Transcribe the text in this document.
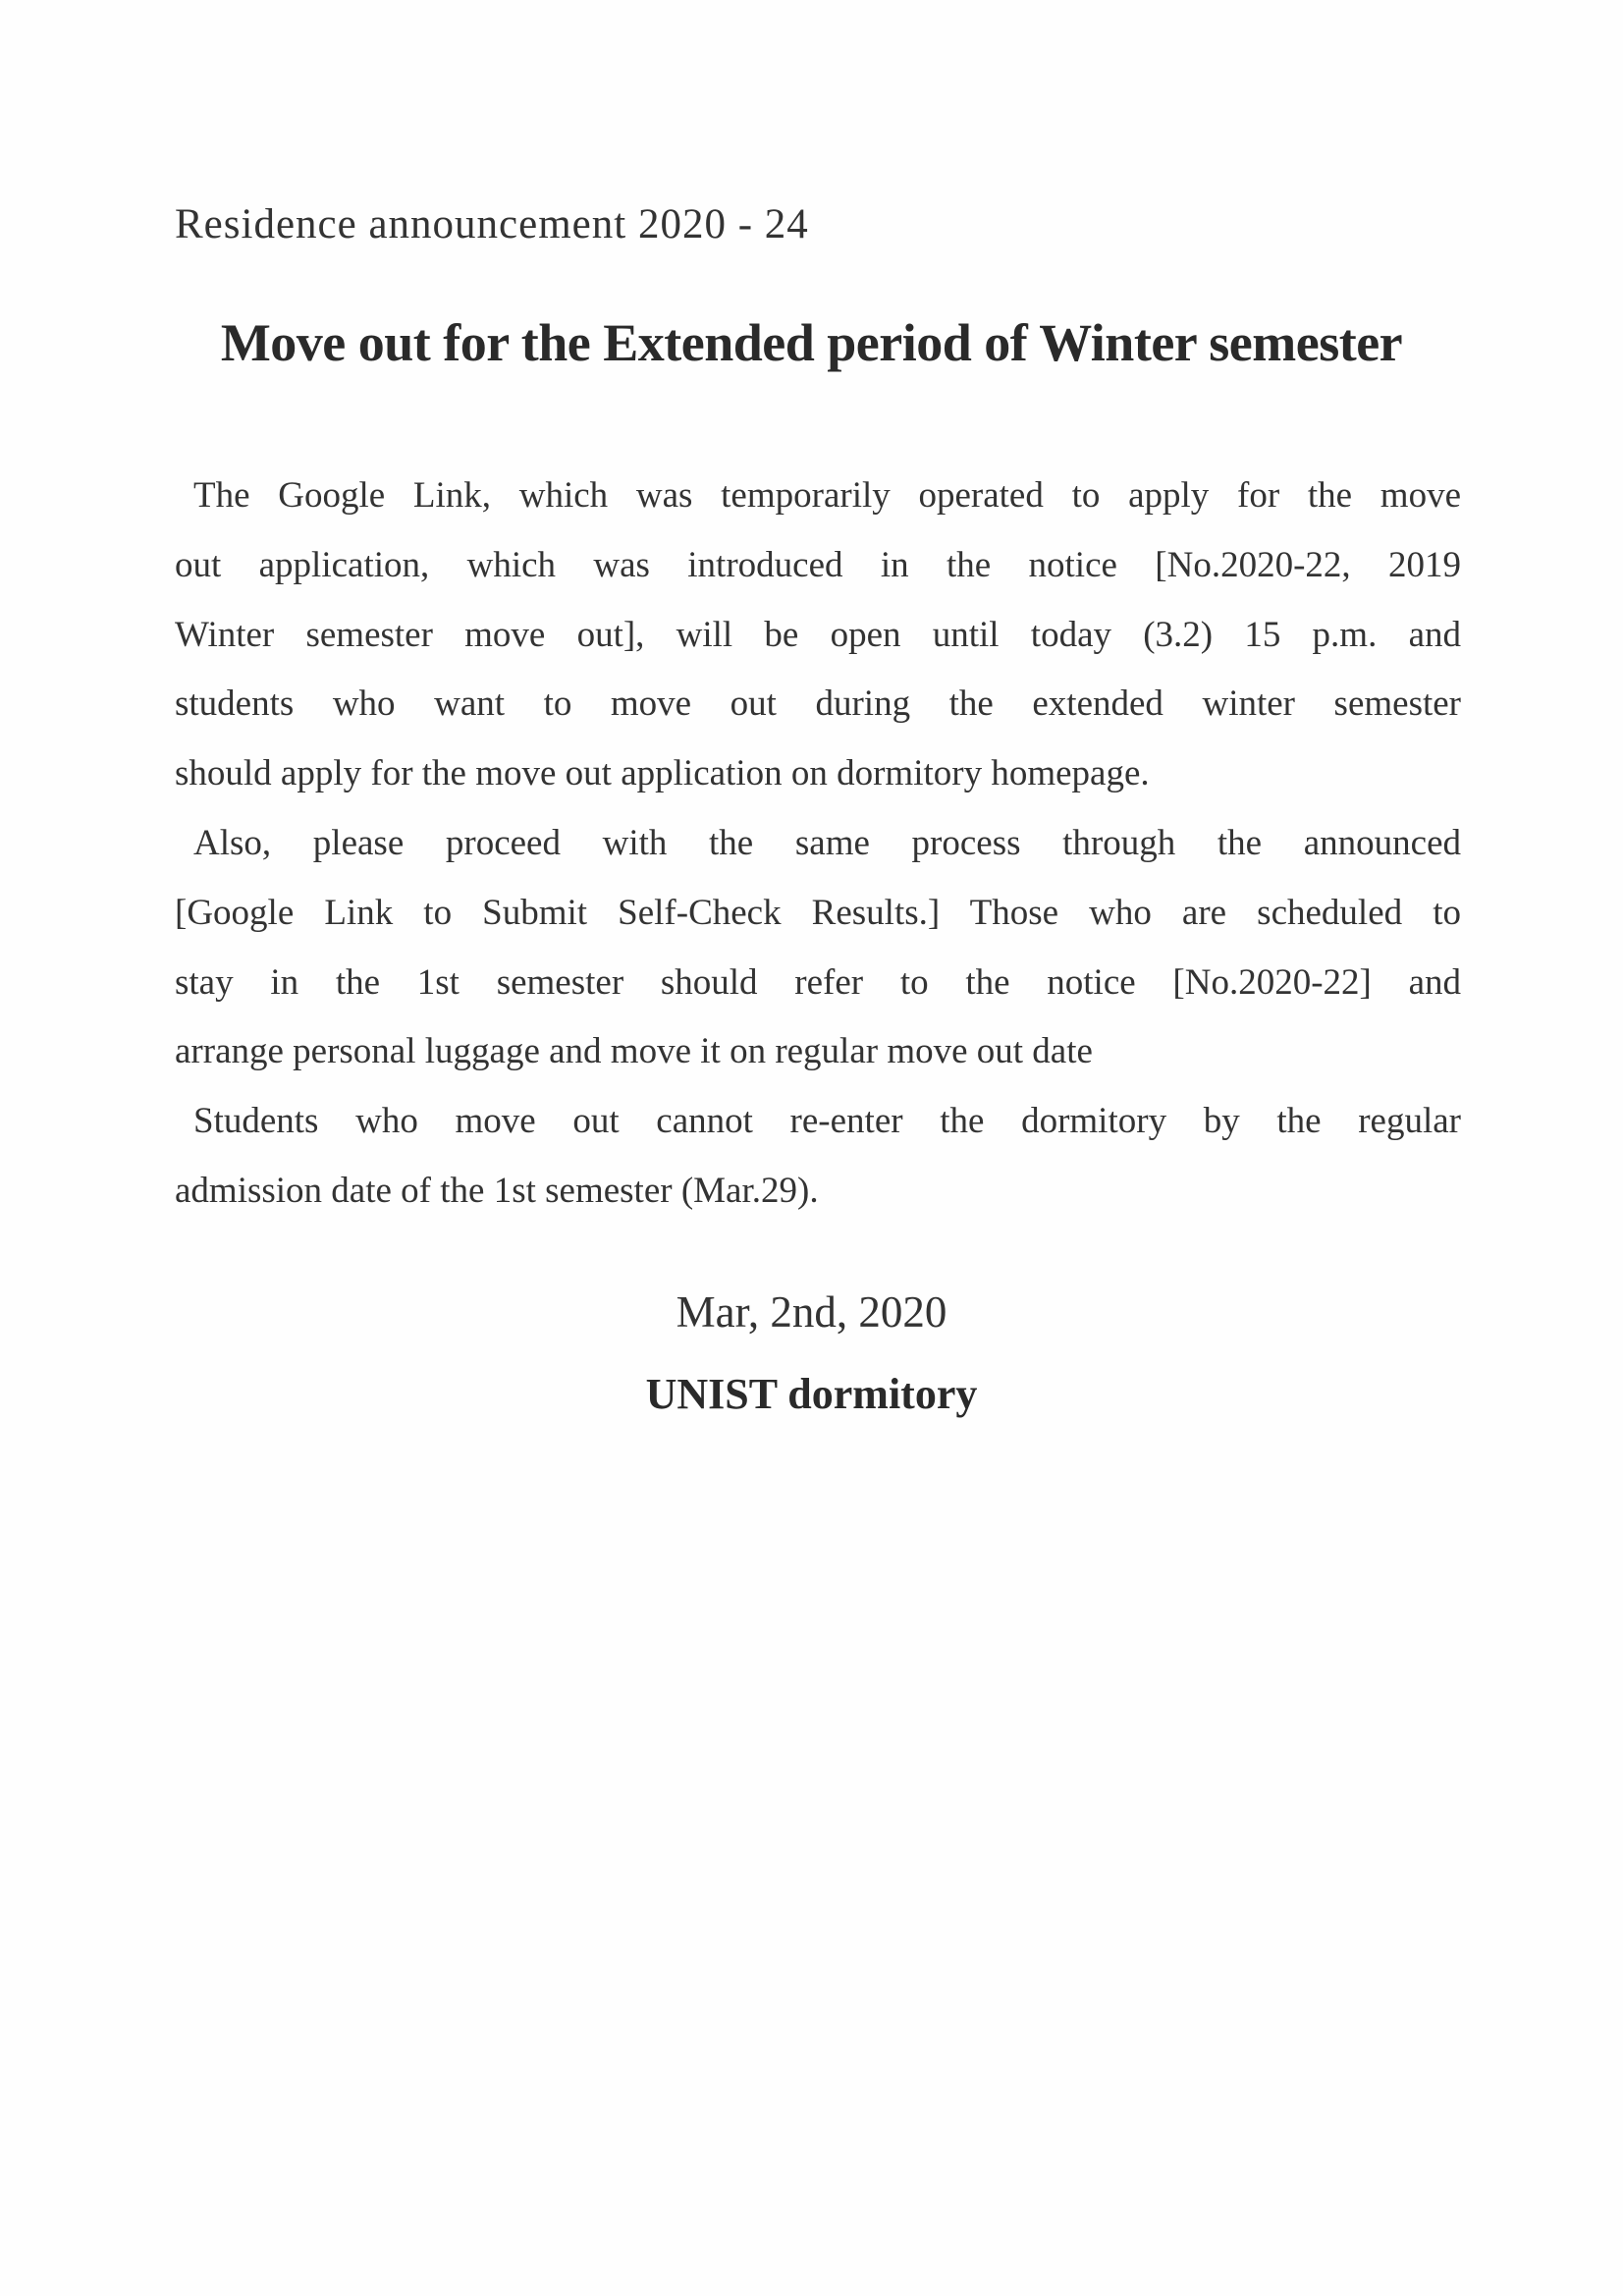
Residence announcement 2020 - 24
Move out for the Extended period of Winter semester
The Google Link, which was temporarily operated to apply for the move
out application, which was introduced in the notice [No.2020-22, 2019
Winter semester move out], will be open until today (3.2) 15 p.m. and
students who want to move out during the extended winter semester
should apply for the move out application on dormitory homepage.
Also, please proceed with the same process through the announced
[Google Link to Submit Self-Check Results.] Those who are scheduled to
stay in the 1st semester should refer to the notice [No.2020-22] and
arrange personal luggage and move it on regular move out date
Students who move out cannot re-enter the dormitory by the regular
admission date of the 1st semester (Mar.29).
Mar, 2nd, 2020
UNIST dormitory
